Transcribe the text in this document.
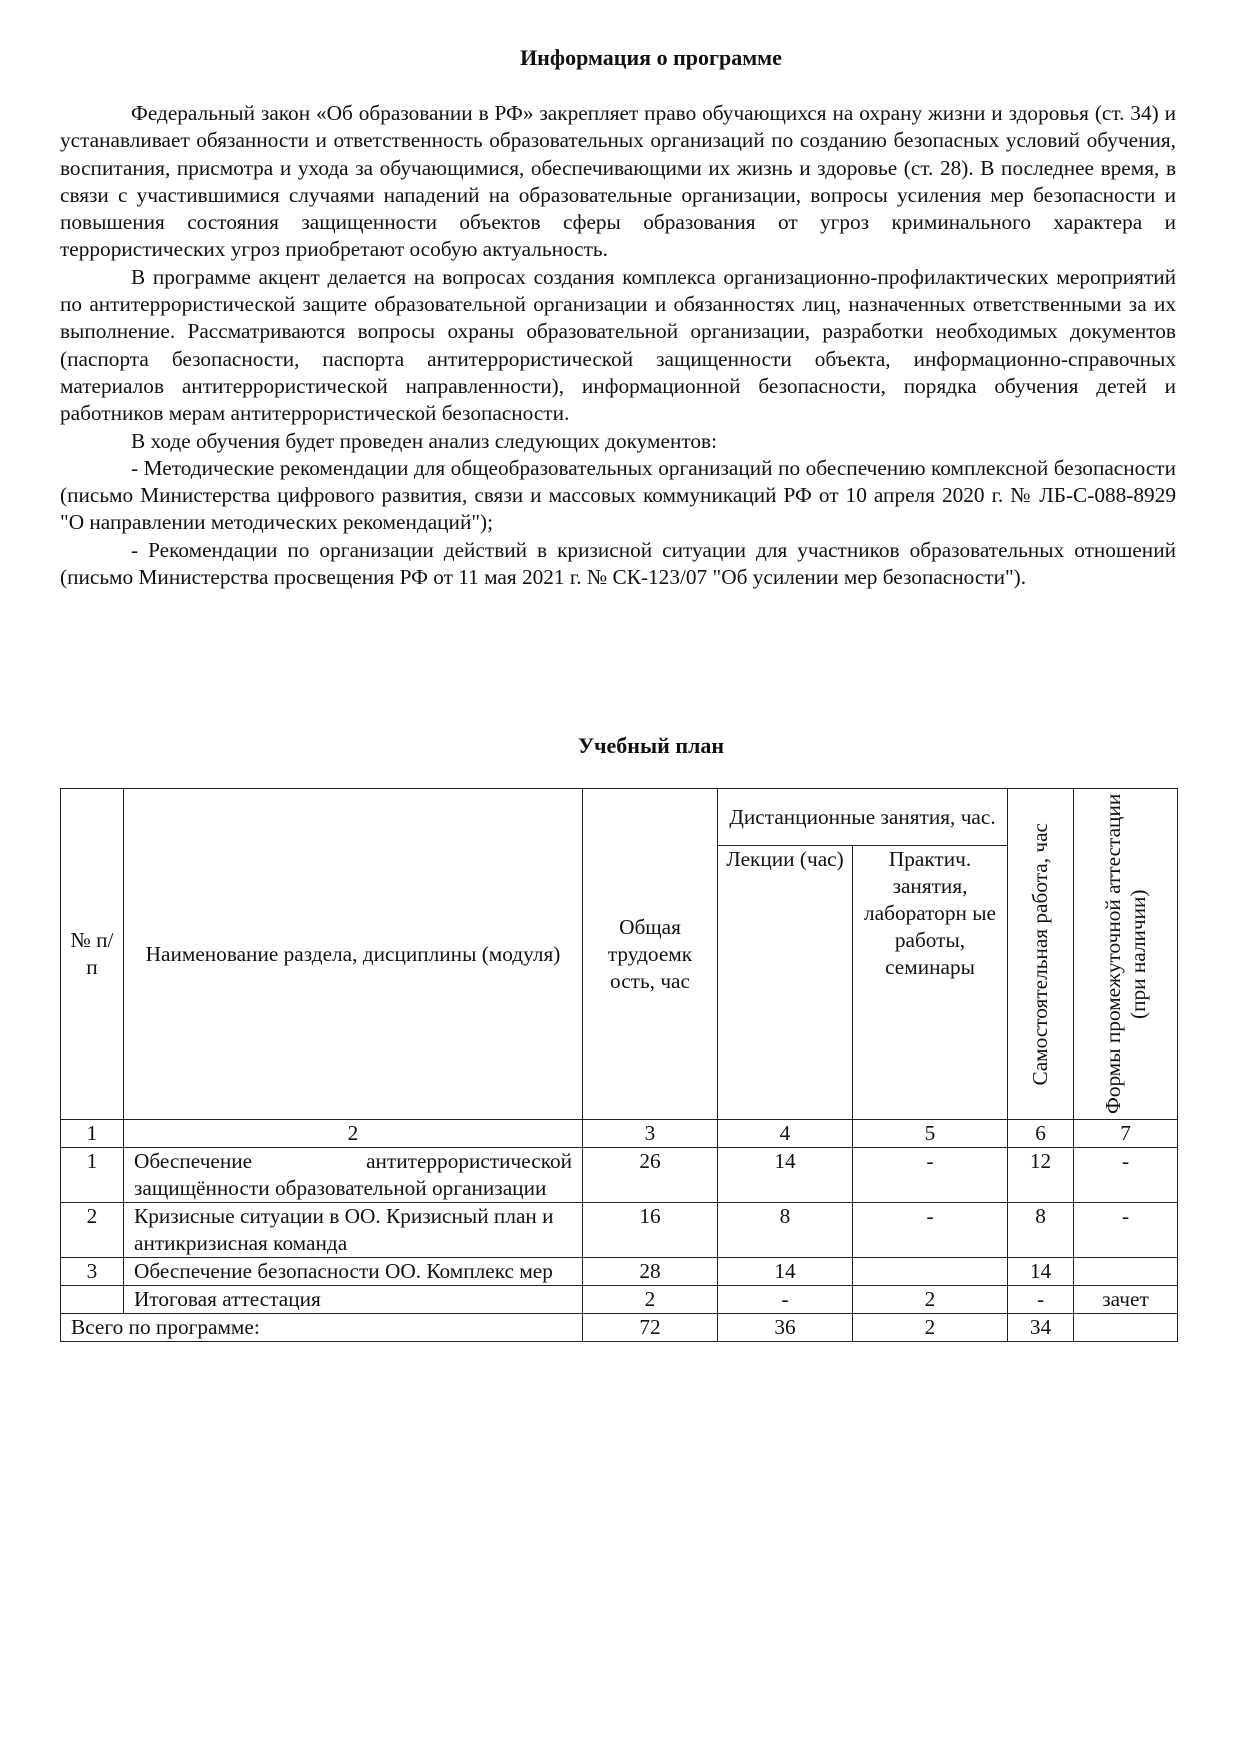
Информация о программе

Федеральный закон «Об образовании в РФ» закрепляет право обучающихся на охрану жизни и здоровья (ст. 34) и устанавливает обязанности и ответственность образовательных организаций по созданию безопасных условий обучения, воспитания, присмотра и ухода за обучающимися, обеспечивающими их жизнь и здоровье (ст. 28). В последнее время, в связи с участившимися случаями нападений на образовательные организации, вопросы усиления мер безопасности и повышения состояния защищенности объектов сферы образования от угроз криминального характера и террористических угроз приобретают особую актуальность.

В программе акцент делается на вопросах создания комплекса организационно-профилактических мероприятий по антитеррористической защите образовательной организации и обязанностях лиц, назначенных ответственными за их выполнение. Рассматриваются вопросы охраны образовательной организации, разработки необходимых документов (паспорта безопасности, паспорта антитеррористической защищенности объекта, информационно-справочных материалов антитеррористической направленности), информационной безопасности, порядка обучения детей и работников мерам антитеррористической безопасности.

В ходе обучения будет проведен анализ следующих документов:

- Методические рекомендации для общеобразовательных организаций по обеспечению комплексной безопасности (письмо Министерства цифрового развития, связи и массовых коммуникаций РФ от 10 апреля 2020 г. № ЛБ-С-088-8929 "О направлении методических рекомендаций");

- Рекомендации по организации действий в кризисной ситуации для участников образовательных отношений (письмо Министерства просвещения РФ от 11 мая 2021 г. № СК-123/07 "Об усилении мер безопасности").

Учебный план
№ п/п	Наименование раздела, дисциплины (модуля)	Общая трудоемк ость, час	Дистанционные занятия, час.		Самостоятельная работа, час	Формы промежуточной аттестации (при наличии)

			Лекции (час)	Практич. занятия, лабораторн ые работы, семинары		
1	2	3	4	5	6	7
1	Обеспечение антитеррористической защищённости образовательной организации	26	14	-	12	-
2	Кризисные ситуации в ОО. Кризисный план и антикризисная команда	16	8	-	8	-
3	Обеспечение безопасности ОО. Комплекс мер	28	14		14	
	Итоговая аттестация	2	-	2	-	зачет
Всего по программе:		72	36	2	34	
